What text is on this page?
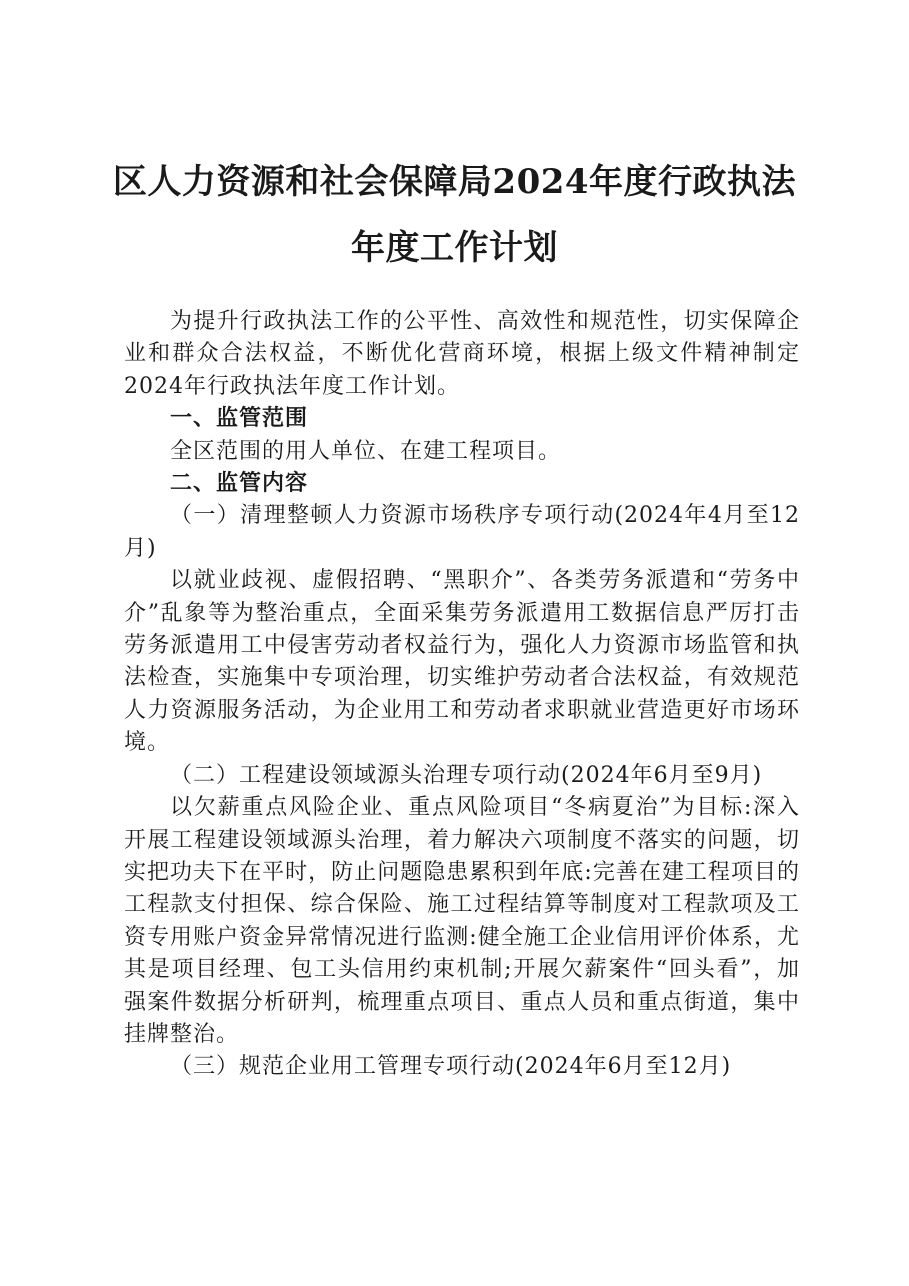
区人力资源和社会保障局2024年度行政执法
年度工作计划

为提升行政执法工作的公平性、高效性和规范性，切实保障企业和群众合法权益，不断优化营商环境，根据上级文件精神制定2024年行政执法年度工作计划。

一、监管范围

全区范围的用人单位、在建工程项目。

二、监管内容

（一）清理整顿人力资源市场秩序专项行动(2024年4月至12月)

以就业歧视、虚假招聘、“黑职介”、各类劳务派遣和“劳务中介”乱象等为整治重点，全面采集劳务派遣用工数据信息严厉打击劳务派遣用工中侵害劳动者权益行为，强化人力资源市场监管和执法检查，实施集中专项治理，切实维护劳动者合法权益，有效规范人力资源服务活动，为企业用工和劳动者求职就业营造更好市场环境。

（二）工程建设领域源头治理专项行动(2024年6月至9月)

以欠薪重点风险企业、重点风险项目“冬病夏治”为目标:深入开展工程建设领域源头治理，着力解决六项制度不落实的问题，切实把功夫下在平时，防止问题隐患累积到年底:完善在建工程项目的工程款支付担保、综合保险、施工过程结算等制度对工程款项及工资专用账户资金异常情况进行监测:健全施工企业信用评价体系，尤其是项目经理、包工头信用约束机制;开展欠薪案件“回头看”，加强案件数据分析研判，梳理重点项目、重点人员和重点街道，集中挂牌整治。

（三）规范企业用工管理专项行动(2024年6月至12月)
